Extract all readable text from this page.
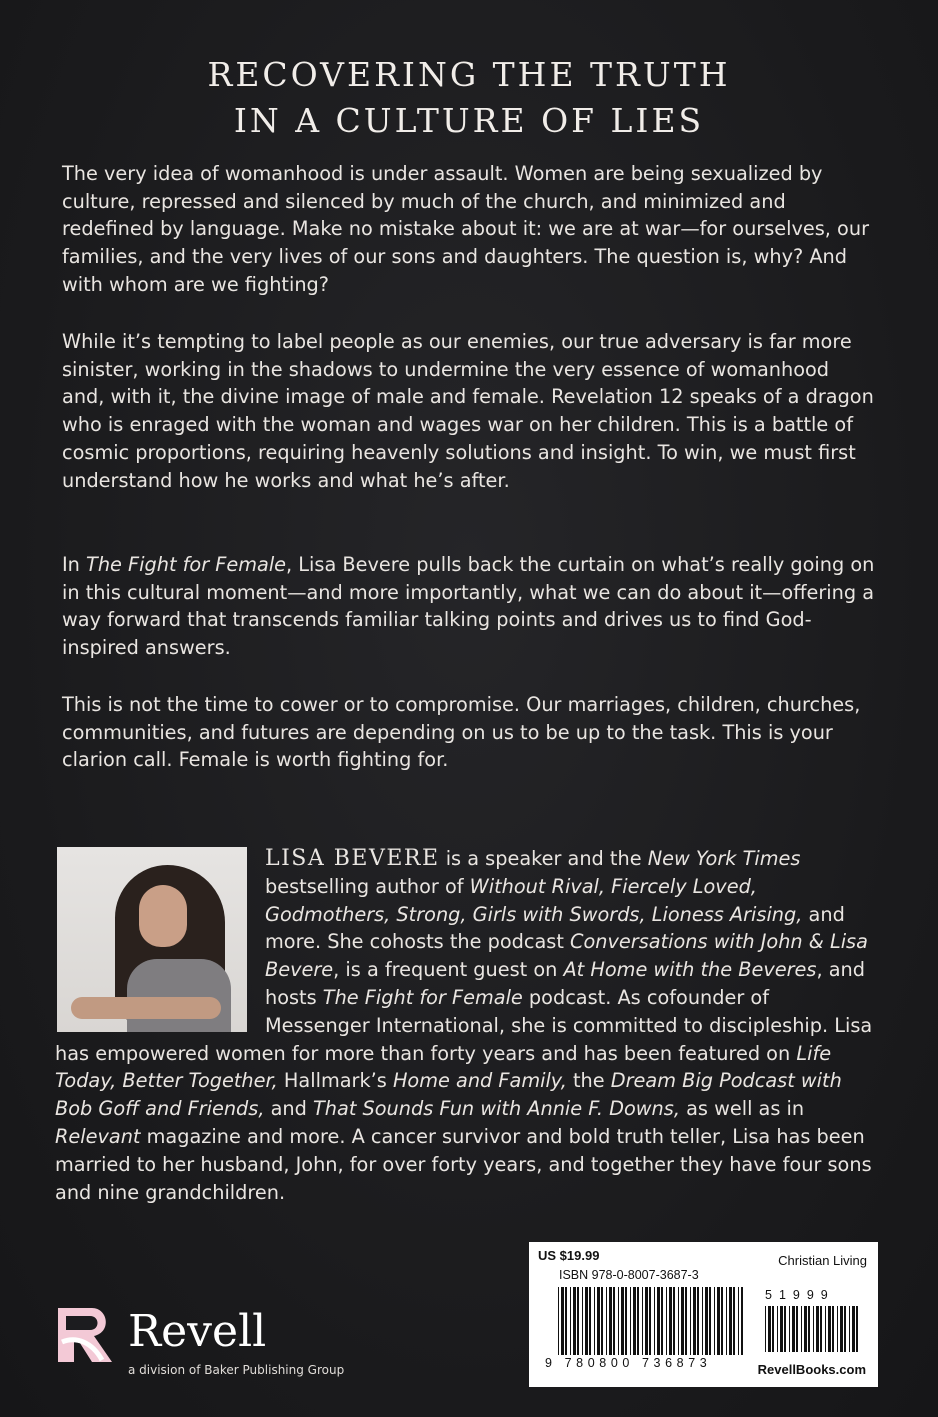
RECOVERING THE TRUTH
IN A CULTURE OF LIES
The very idea of womanhood is under assault. Women are being sexualized by culture, repressed and silenced by much of the church, and minimized and redefined by language. Make no mistake about it: we are at war—for ourselves, our families, and the very lives of our sons and daughters. The question is, why? And with whom are we fighting?
While it’s tempting to label people as our enemies, our true adversary is far more sinister, working in the shadows to undermine the very essence of womanhood and, with it, the divine image of male and female. Revelation 12 speaks of a dragon who is enraged with the woman and wages war on her children. This is a battle of cosmic proportions, requiring heavenly solutions and insight. To win, we must first understand how he works and what he’s after.
In The Fight for Female, Lisa Bevere pulls back the curtain on what’s really going on in this cultural moment—and more importantly, what we can do about it—offering a way forward that transcends familiar talking points and drives us to find God-inspired answers.
This is not the time to cower or to compromise. Our marriages, children, churches, communities, and futures are depending on us to be up to the task. This is your clarion call. Female is worth fighting for.
LISA BEVERE is a speaker and the New York Times bestselling author of Without Rival, Fiercely Loved, Godmothers, Strong, Girls with Swords, Lioness Arising, and more. She cohosts the podcast Conversations with John & Lisa Bevere, is a frequent guest on At Home with the Beveres, and hosts The Fight for Female podcast. As cofounder of Messenger International, she is committed to discipleship. Lisa has empowered women for more than forty years and has been featured on Life Today, Better Together, Hallmark’s Home and Family, the Dream Big Podcast with Bob Goff and Friends, and That Sounds Fun with Annie F. Downs, as well as in Relevant magazine and more. A cancer survivor and bold truth teller, Lisa has been married to her husband, John, for over forty years, and together they have four sons and nine grandchildren.
Revell
a division of Baker Publishing Group
US $19.99	Christian Living
ISBN 978-0-8007-3687-3
51999
9 780800 736873	RevellBooks.com
